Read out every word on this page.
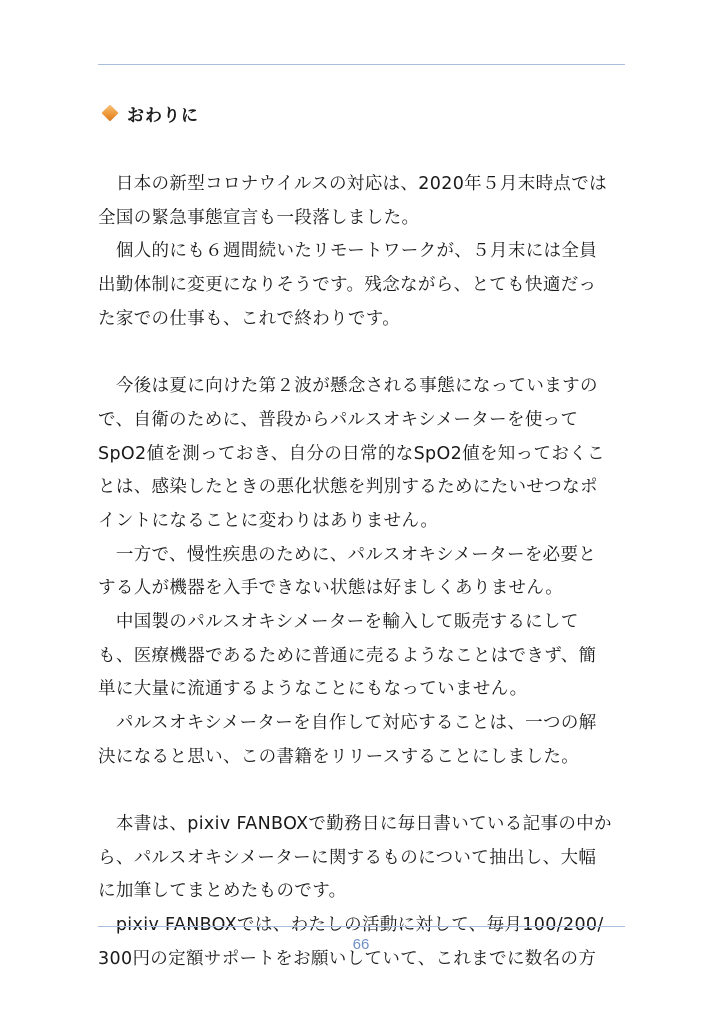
おわりに
　日本の新型コロナウイルスの対応は、2020年５月末時点では
全国の緊急事態宣言も一段落しました。
　個人的にも６週間続いたリモートワークが、５月末には全員
出勤体制に変更になりそうです。残念ながら、とても快適だっ
た家での仕事も、これで終わりです。
　今後は夏に向けた第２波が懸念される事態になっていますの
で、自衛のために、普段からパルスオキシメーターを使って
SpO2値を測っておき、自分の日常的なSpO2値を知っておくこ
とは、感染したときの悪化状態を判別するためにたいせつなポ
イントになることに変わりはありません。
　一方で、慢性疾患のために、パルスオキシメーターを必要と
する人が機器を入手できない状態は好ましくありません。
　中国製のパルスオキシメーターを輸入して販売するにして
も、医療機器であるために普通に売るようなことはできず、簡
単に大量に流通するようなことにもなっていません。
　パルスオキシメーターを自作して対応することは、一つの解
決になると思い、この書籍をリリースすることにしました。
　本書は、pixiv FANBOXで勤務日に毎日書いている記事の中か
ら、パルスオキシメーターに関するものについて抽出し、大幅
に加筆してまとめたものです。
　pixiv FANBOXでは、わたしの活動に対して、毎月100/200/
300円の定額サポートをお願いしていて、これまでに数名の方
66
